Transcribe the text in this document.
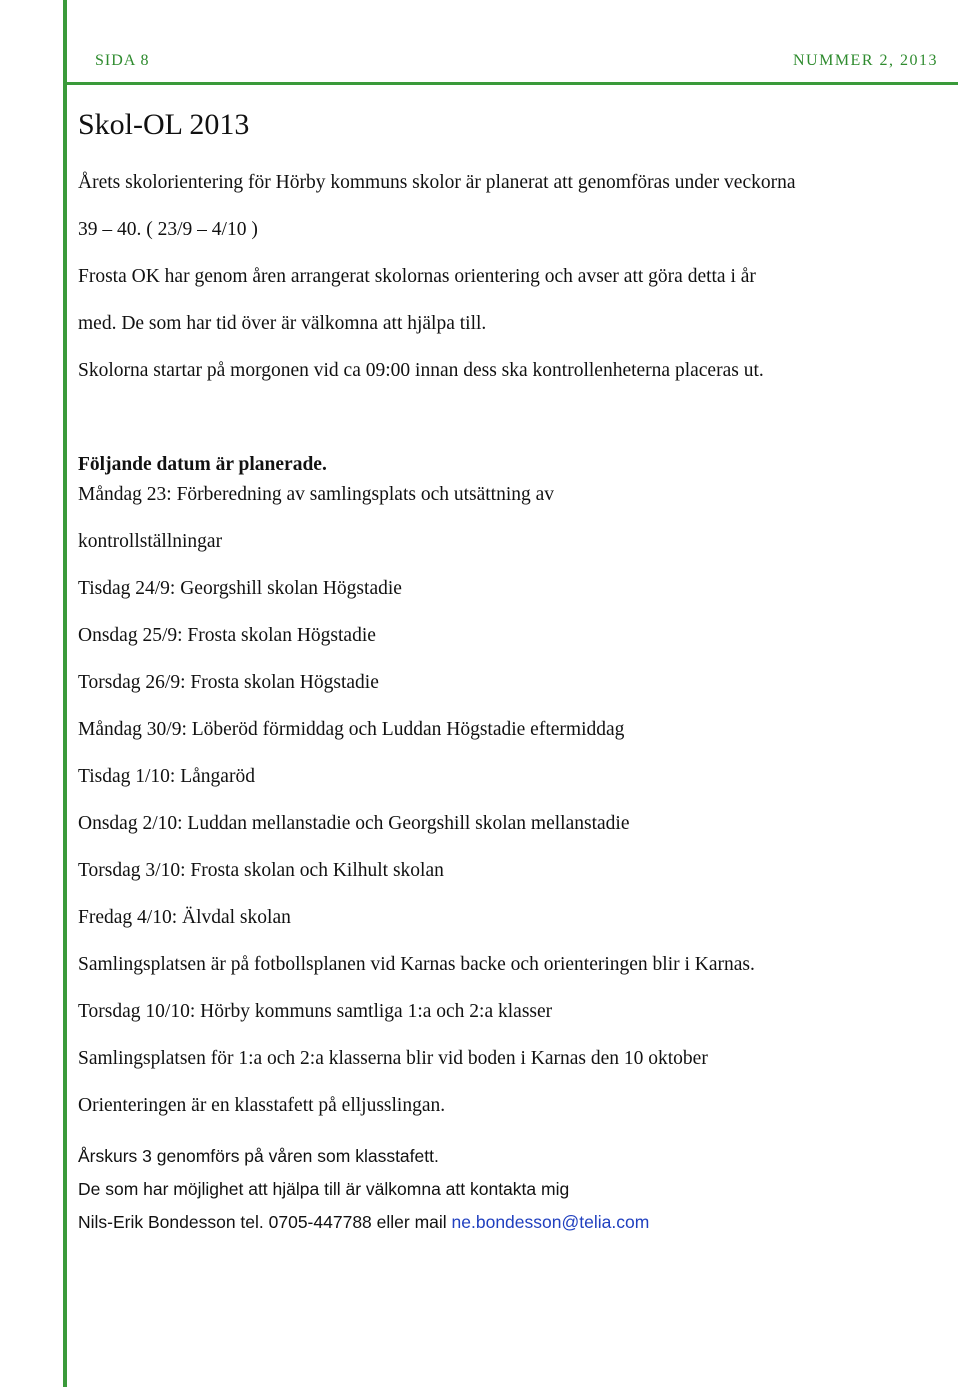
SIDA 8	NUMMER 2, 2013
Skol-OL 2013
Årets skolorientering för Hörby kommuns skolor är planerat att genomföras under veckorna
39 – 40. ( 23/9 – 4/10 )
Frosta OK har genom åren arrangerat skolornas orientering och avser att göra detta i år
med. De som har tid över är välkomna att hjälpa till.
Skolorna startar på morgonen vid ca 09:00 innan dess ska kontrollenheterna placeras ut.
Följande datum är planerade.
Måndag 23: Förberedning av samlingsplats och utsättning av
kontrollställningar
Tisdag 24/9: Georgshill skolan Högstadie
Onsdag 25/9: Frosta skolan Högstadie
Torsdag 26/9: Frosta skolan Högstadie
Måndag 30/9: Löberöd förmiddag och Luddan Högstadie eftermiddag
Tisdag 1/10: Långaröd
Onsdag 2/10: Luddan mellanstadie och Georgshill skolan mellanstadie
Torsdag 3/10: Frosta skolan och Kilhult skolan
Fredag 4/10: Älvdal skolan
Samlingsplatsen är på fotbollsplanen vid Karnas backe och orienteringen blir i Karnas.
Torsdag 10/10: Hörby kommuns samtliga 1:a och 2:a klasser
Samlingsplatsen för 1:a och 2:a klasserna blir vid boden i Karnas den 10 oktober
Orienteringen är en klasstafett på elljusslingan.
Årskurs 3 genomförs på våren som klasstafett.
De som har möjlighet att hjälpa till är välkomna att kontakta mig
Nils-Erik Bondesson tel. 0705-447788 eller mail ne.bondesson@telia.com
